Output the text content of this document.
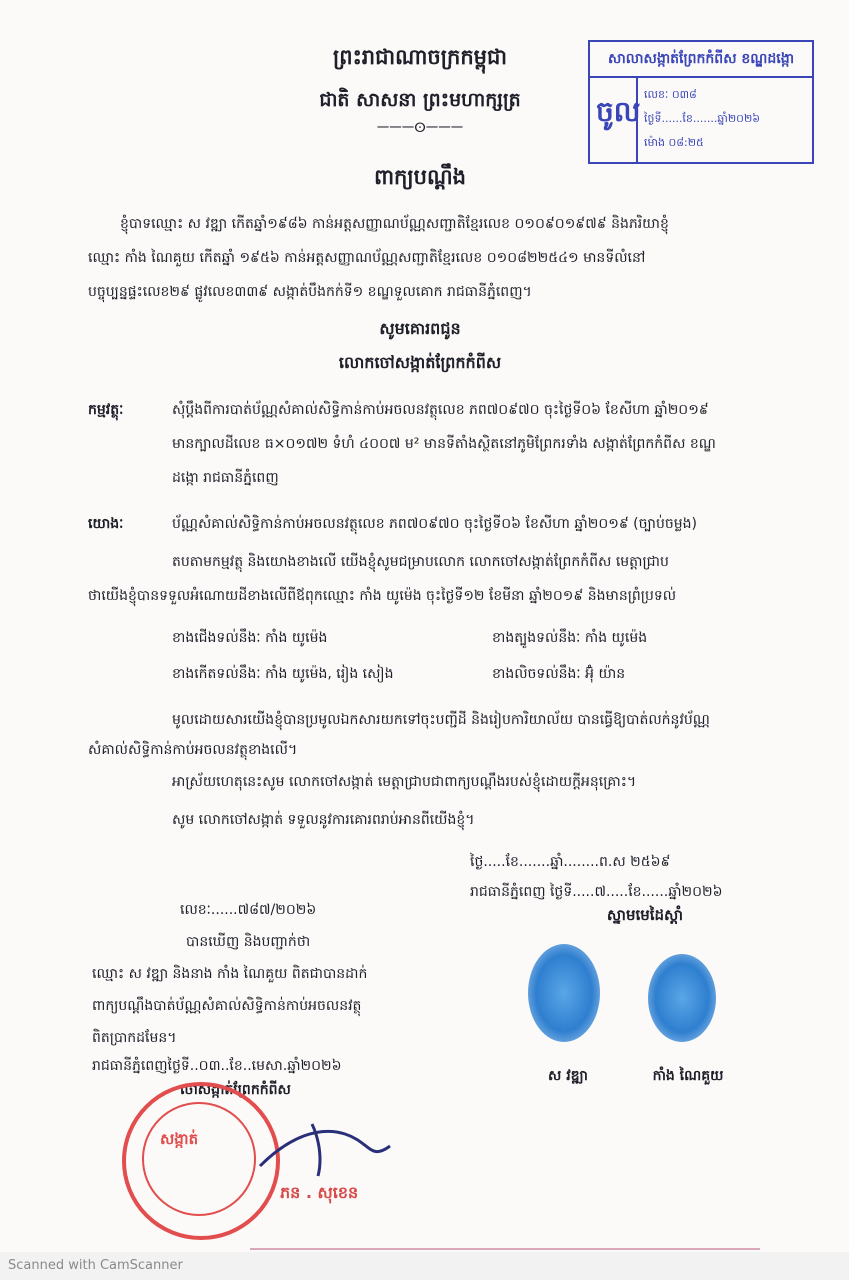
ព្រះរាជាណាចក្រកម្ពុជា
ជាតិ សាសនា ព្រះមហាក្សត្រ
𑁋𑁋𑁋ⵙ𑁋𑁋𑁋
សាលាសង្កាត់ព្រែកកំពីស ខណ្ឌដង្កោ
ចូល
លេខៈ ០៣៨
ថ្ងៃទី......ខែ.......ឆ្នាំ២០២៦
ម៉ោង ០៨:២៥
ពាក្យបណ្ដឹង
ខ្ញុំបាទឈ្មោះ ស វឌ្ឍា កើតឆ្នាំ១៩៨៦ កាន់អត្តសញ្ញាណប័ណ្ណសញ្ជាតិខ្មែរលេខ ០១០៩០១៩៧៩ និងភរិយាខ្ញុំ
ឈ្មោះ កាំង ណៃគួយ កើតឆ្នាំ ១៩៥៦ កាន់អត្តសញ្ញាណប័ណ្ណសញ្ជាតិខ្មែរលេខ ០១០៨២២៥៤១ មានទីលំនៅ
បច្ចុប្បន្នផ្ទះលេខ២៩ ផ្លូវលេខ៣៣៩ សង្កាត់បឹងកក់ទី១ ខណ្ឌទួលគោក រាជធានីភ្នំពេញ។
សូមគោរពជូន
លោកចៅសង្កាត់ព្រែកកំពីស
កម្មវត្ថុៈ	សុំប្ដឹងពីការបាត់ប័ណ្ណសំគាល់សិទ្ធិកាន់កាប់អចលនវត្ថុលេខ ភព៧០៩៧០ ចុះថ្ងៃទី០៦ ខែសីហា ឆ្នាំ២០១៩
មានក្បាលដីលេខ ធ×០១៧២ ទំហំ ៤០០៧ ម² មានទីតាំងស្ថិតនៅភូមិព្រែករទាំង សង្កាត់ព្រែកកំពីស ខណ្ឌ
ដង្កោ រាជធានីភ្នំពេញ
យោងៈ	ប័ណ្ណសំគាល់សិទ្ធិកាន់កាប់អចលនវត្ថុលេខ ភព៧០៩៧០ ចុះថ្ងៃទី០៦ ខែសីហា ឆ្នាំ២០១៩ (ច្បាប់ចម្លង)
តបតាមកម្មវត្ថុ និងយោងខាងលើ យើងខ្ញុំសូមជម្រាបលោក លោកចៅសង្កាត់ព្រែកកំពីស មេត្តាជ្រាប
ថាយើងខ្ញុំបានទទួលអំណោយដីខាងលើពីឪពុកឈ្មោះ កាំង យូម៉េង ចុះថ្ងៃទី១២ ខែមីនា ឆ្នាំ២០១៩ និងមានព្រំប្រទល់
ខាងជើងទល់នឹងៈ កាំង យូម៉េង	ខាងត្បូងទល់នឹងៈ កាំង យូម៉េង
ខាងកើតទល់នឹងៈ កាំង យូម៉េង, រៀង សៀង	ខាងលិចទល់នឹងៈ អ៊ុំ យ៉ាន
មូលដោយសារយើងខ្ញុំបានប្រមូលឯកសារយកទៅចុះបញ្ជីដី និងរៀបការិយាល័យ បានធ្វើឱ្យបាត់លក់នូវប័ណ្ណ
សំគាល់សិទ្ធិកាន់កាប់អចលនវត្ថុខាងលើ។
អាស្រ័យហេតុនេះសូម លោកចៅសង្កាត់ មេត្តាជ្រាបជាពាក្យបណ្ដឹងរបស់ខ្ញុំដោយក្ដីអនុគ្រោះ។
សូម លោកចៅសង្កាត់ ទទួលនូវការគោរពរាប់អានពីយើងខ្ញុំ។
ថ្ងៃ.....ខែ.......ឆ្នាំ........ព.ស ២៥៦៩
រាជធានីភ្នំពេញ ថ្ងៃទី.....៧.....ខែ......ឆ្នាំ២០២៦
លេខៈ......៧៨៧/២០២៦
បានឃើញ និងបញ្ជាក់ថា
ឈ្មោះ ស វឌ្ឍា និងនាង កាំង ណៃគួយ ពិតជាបានដាក់
ពាក្យបណ្ដឹងបាត់ប័ណ្ណសំគាល់សិទ្ធិកាន់កាប់អចលនវត្ថុ
ពិតប្រាកដមែន។
រាជធានីភ្នំពេញថ្ងៃទី..០៣..ខែ..មេសា.ឆ្នាំ២០២៦
ចៅសង្កាត់ព្រែកកំពីស
ស្នាមមេដៃស្ដាំ
ស វឌ្ឍា	កាំង ណៃគួយ
សង្កាត់
ភន . សុខេន
Scanned with CamScanner
